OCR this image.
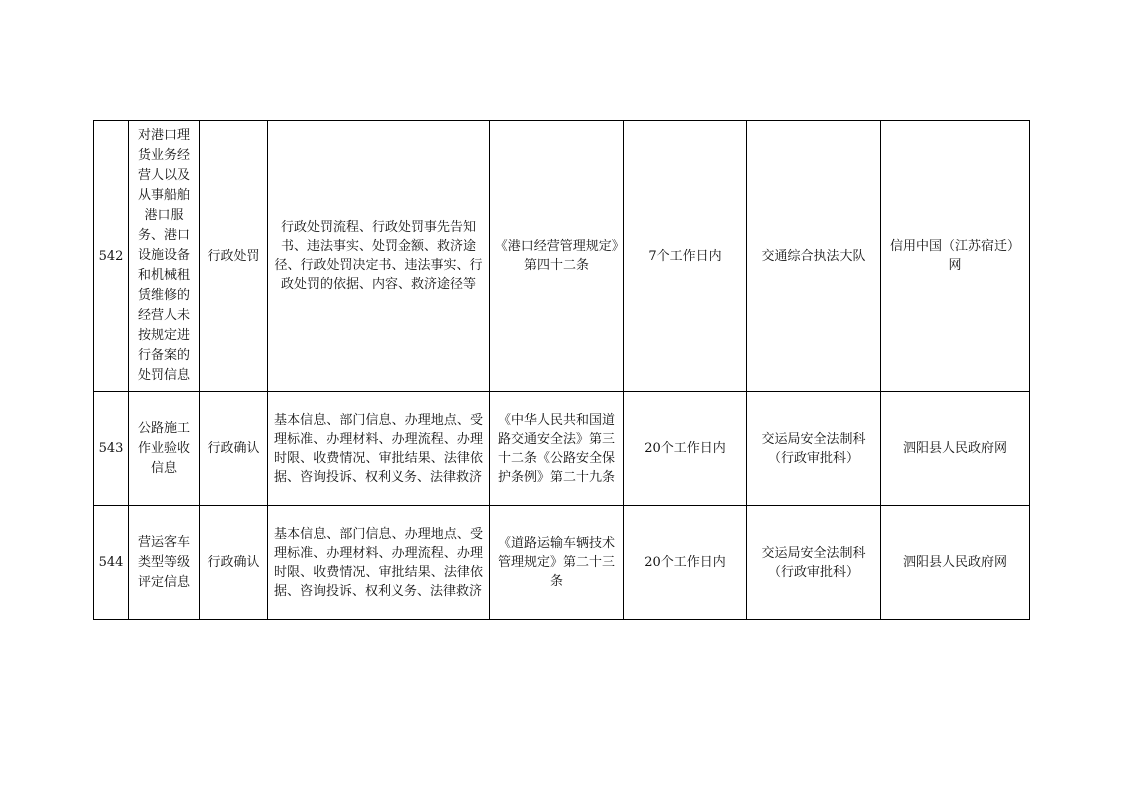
542	对港口理货业务经营人以及从事船舶港口服务、港口设施设备和机械租赁维修的经营人未按规定进行备案的处罚信息	行政处罚	行政处罚流程、行政处罚事先告知书、违法事实、处罚金额、救济途径、行政处罚决定书、违法事实、行政处罚的依据、内容、救济途径等	《港口经营管理规定》第四十二条	7个工作日内	交通综合执法大队	信用中国（江苏宿迁）网
543	公路施工作业验收信息	行政确认	基本信息、部门信息、办理地点、受理标准、办理材料、办理流程、办理时限、收费情况、审批结果、法律依据、咨询投诉、权利义务、法律救济	《中华人民共和国道路交通安全法》第三十二条《公路安全保护条例》第二十九条	20个工作日内	交运局安全法制科（行政审批科）	泗阳县人民政府网
544	营运客车类型等级评定信息	行政确认	基本信息、部门信息、办理地点、受理标准、办理材料、办理流程、办理时限、收费情况、审批结果、法律依据、咨询投诉、权利义务、法律救济	《道路运输车辆技术管理规定》第二十三条	20个工作日内	交运局安全法制科（行政审批科）	泗阳县人民政府网
